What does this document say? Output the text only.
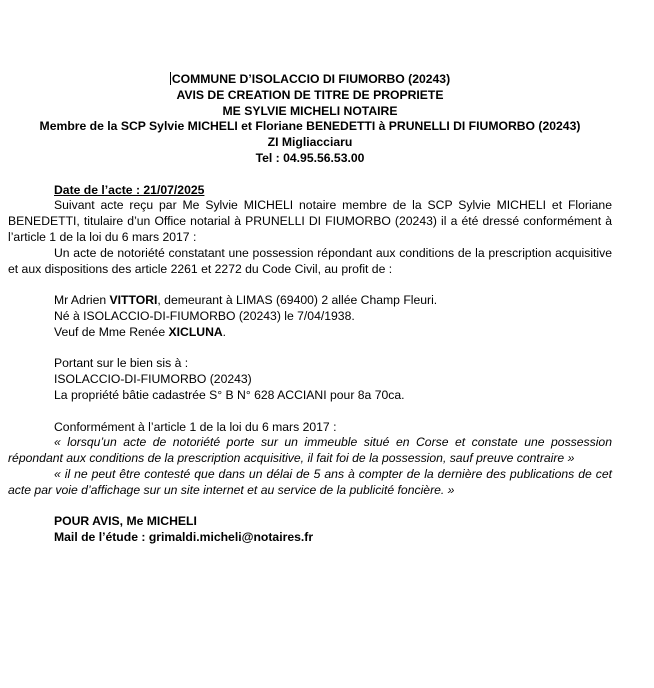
COMMUNE D’ISOLACCIO DI FIUMORBO (20243)
AVIS DE CREATION DE TITRE DE PROPRIETE
ME SYLVIE MICHELI NOTAIRE
Membre de la SCP Sylvie MICHELI et Floriane BENEDETTI à PRUNELLI DI FIUMORBO (20243)
ZI Migliacciaru
Tel : 04.95.56.53.00
Date de l’acte : 21/07/2025
Suivant acte reçu par Me Sylvie MICHELI notaire membre de la SCP Sylvie MICHELI et Floriane BENEDETTI, titulaire d’un Office notarial à PRUNELLI DI FIUMORBO (20243) il a été dressé conformément à l’article 1 de la loi du 6 mars 2017 :
Un acte de notoriété constatant une possession répondant aux conditions de la prescription acquisitive et aux dispositions des article 2261 et 2272 du Code Civil, au profit de :
Mr Adrien VITTORI, demeurant à LIMAS (69400) 2 allée Champ Fleuri.
Né à ISOLACCIO-DI-FIUMORBO (20243) le 7/04/1938.
Veuf de Mme Renée XICLUNA.
Portant sur le bien sis à :
ISOLACCIO-DI-FIUMORBO (20243)
La propriété bâtie cadastrée S° B N° 628 ACCIANI pour 8a 70ca.
Conformément à l’article 1 de la loi du 6 mars 2017 :
« lorsqu’un acte de notoriété porte sur un immeuble situé en Corse et constate une possession répondant aux conditions de la prescription acquisitive, il fait foi de la possession, sauf preuve contraire »
« il ne peut être contesté que dans un délai de 5 ans à compter de la dernière des publications de cet acte par voie d’affichage sur un site internet et au service de la publicité foncière. »
POUR AVIS, Me MICHELI
Mail de l’étude : grimaldi.micheli@notaires.fr
